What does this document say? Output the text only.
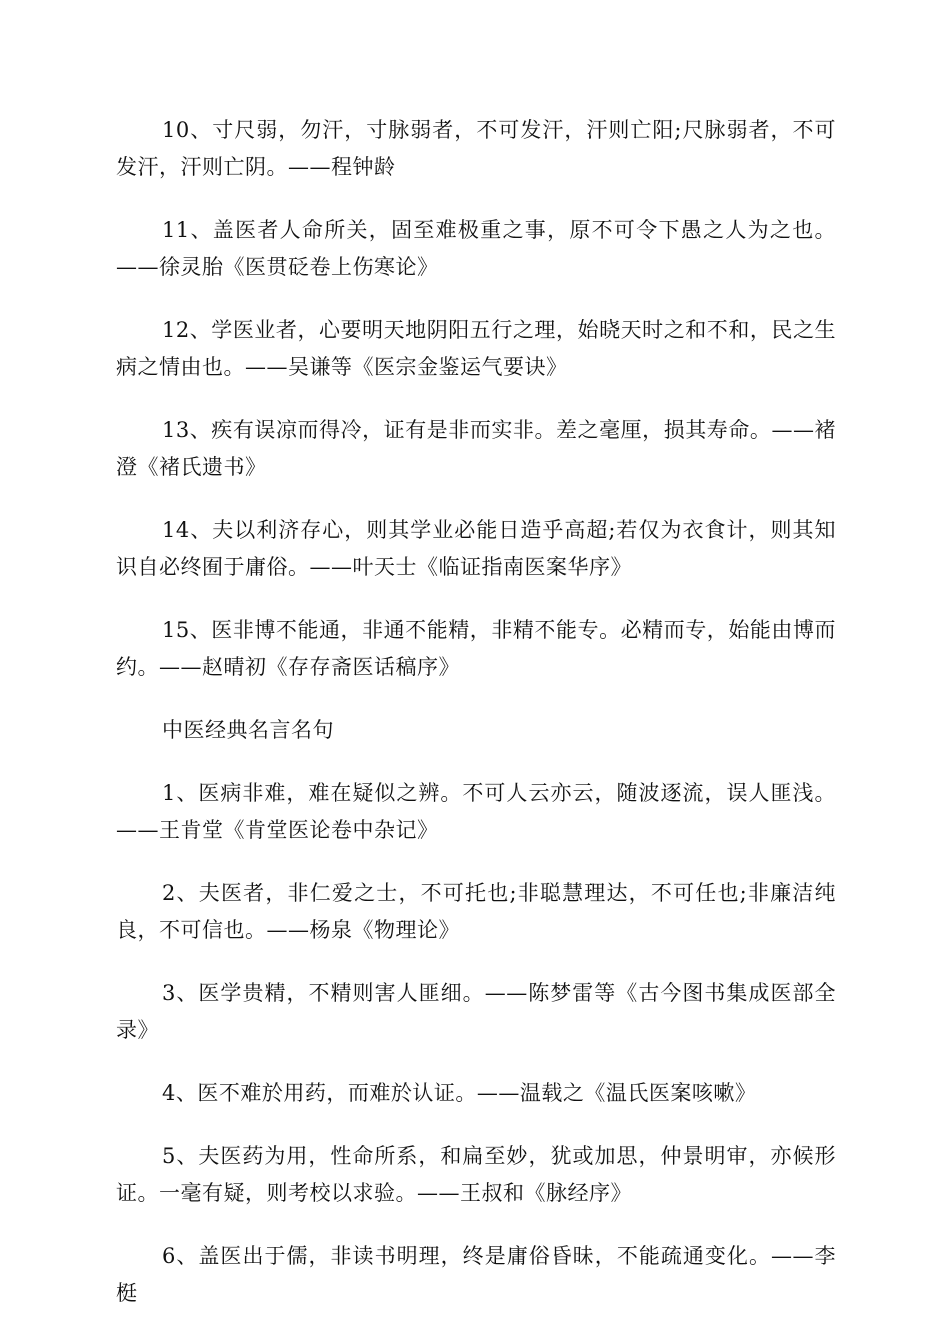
10、寸尺弱，勿汗，寸脉弱者，不可发汗，汗则亡阳;尺脉弱者，不可发汗，汗则亡阴。——程钟龄

11、盖医者人命所关，固至难极重之事，原不可令下愚之人为之也。——徐灵胎《医贯砭卷上伤寒论》

12、学医业者，心要明天地阴阳五行之理，始晓天时之和不和，民之生病之情由也。——吴谦等《医宗金鉴运气要诀》

13、疾有误凉而得冷，证有是非而实非。差之毫厘，损其寿命。——褚澄《褚氏遗书》

14、夫以利济存心，则其学业必能日造乎高超;若仅为衣食计，则其知识自必终囿于庸俗。——叶天士《临证指南医案华序》

15、医非博不能通，非通不能精，非精不能专。必精而专，始能由博而约。——赵晴初《存存斋医话稿序》

中医经典名言名句

1、医病非难，难在疑似之辨。不可人云亦云，随波逐流，误人匪浅。——王肯堂《肯堂医论卷中杂记》

2、夫医者，非仁爱之士，不可托也;非聪慧理达，不可任也;非廉洁纯良，不可信也。——杨泉《物理论》

3、医学贵精，不精则害人匪细。——陈梦雷等《古今图书集成医部全录》

4、医不难於用药，而难於认证。——温载之《温氏医案咳嗽》

5、夫医药为用，性命所系，和扁至妙，犹或加思，仲景明审，亦候形证。一毫有疑，则考校以求验。——王叔和《脉经序》

6、盖医出于儒，非读书明理，终是庸俗昏昧，不能疏通变化。——李梃
